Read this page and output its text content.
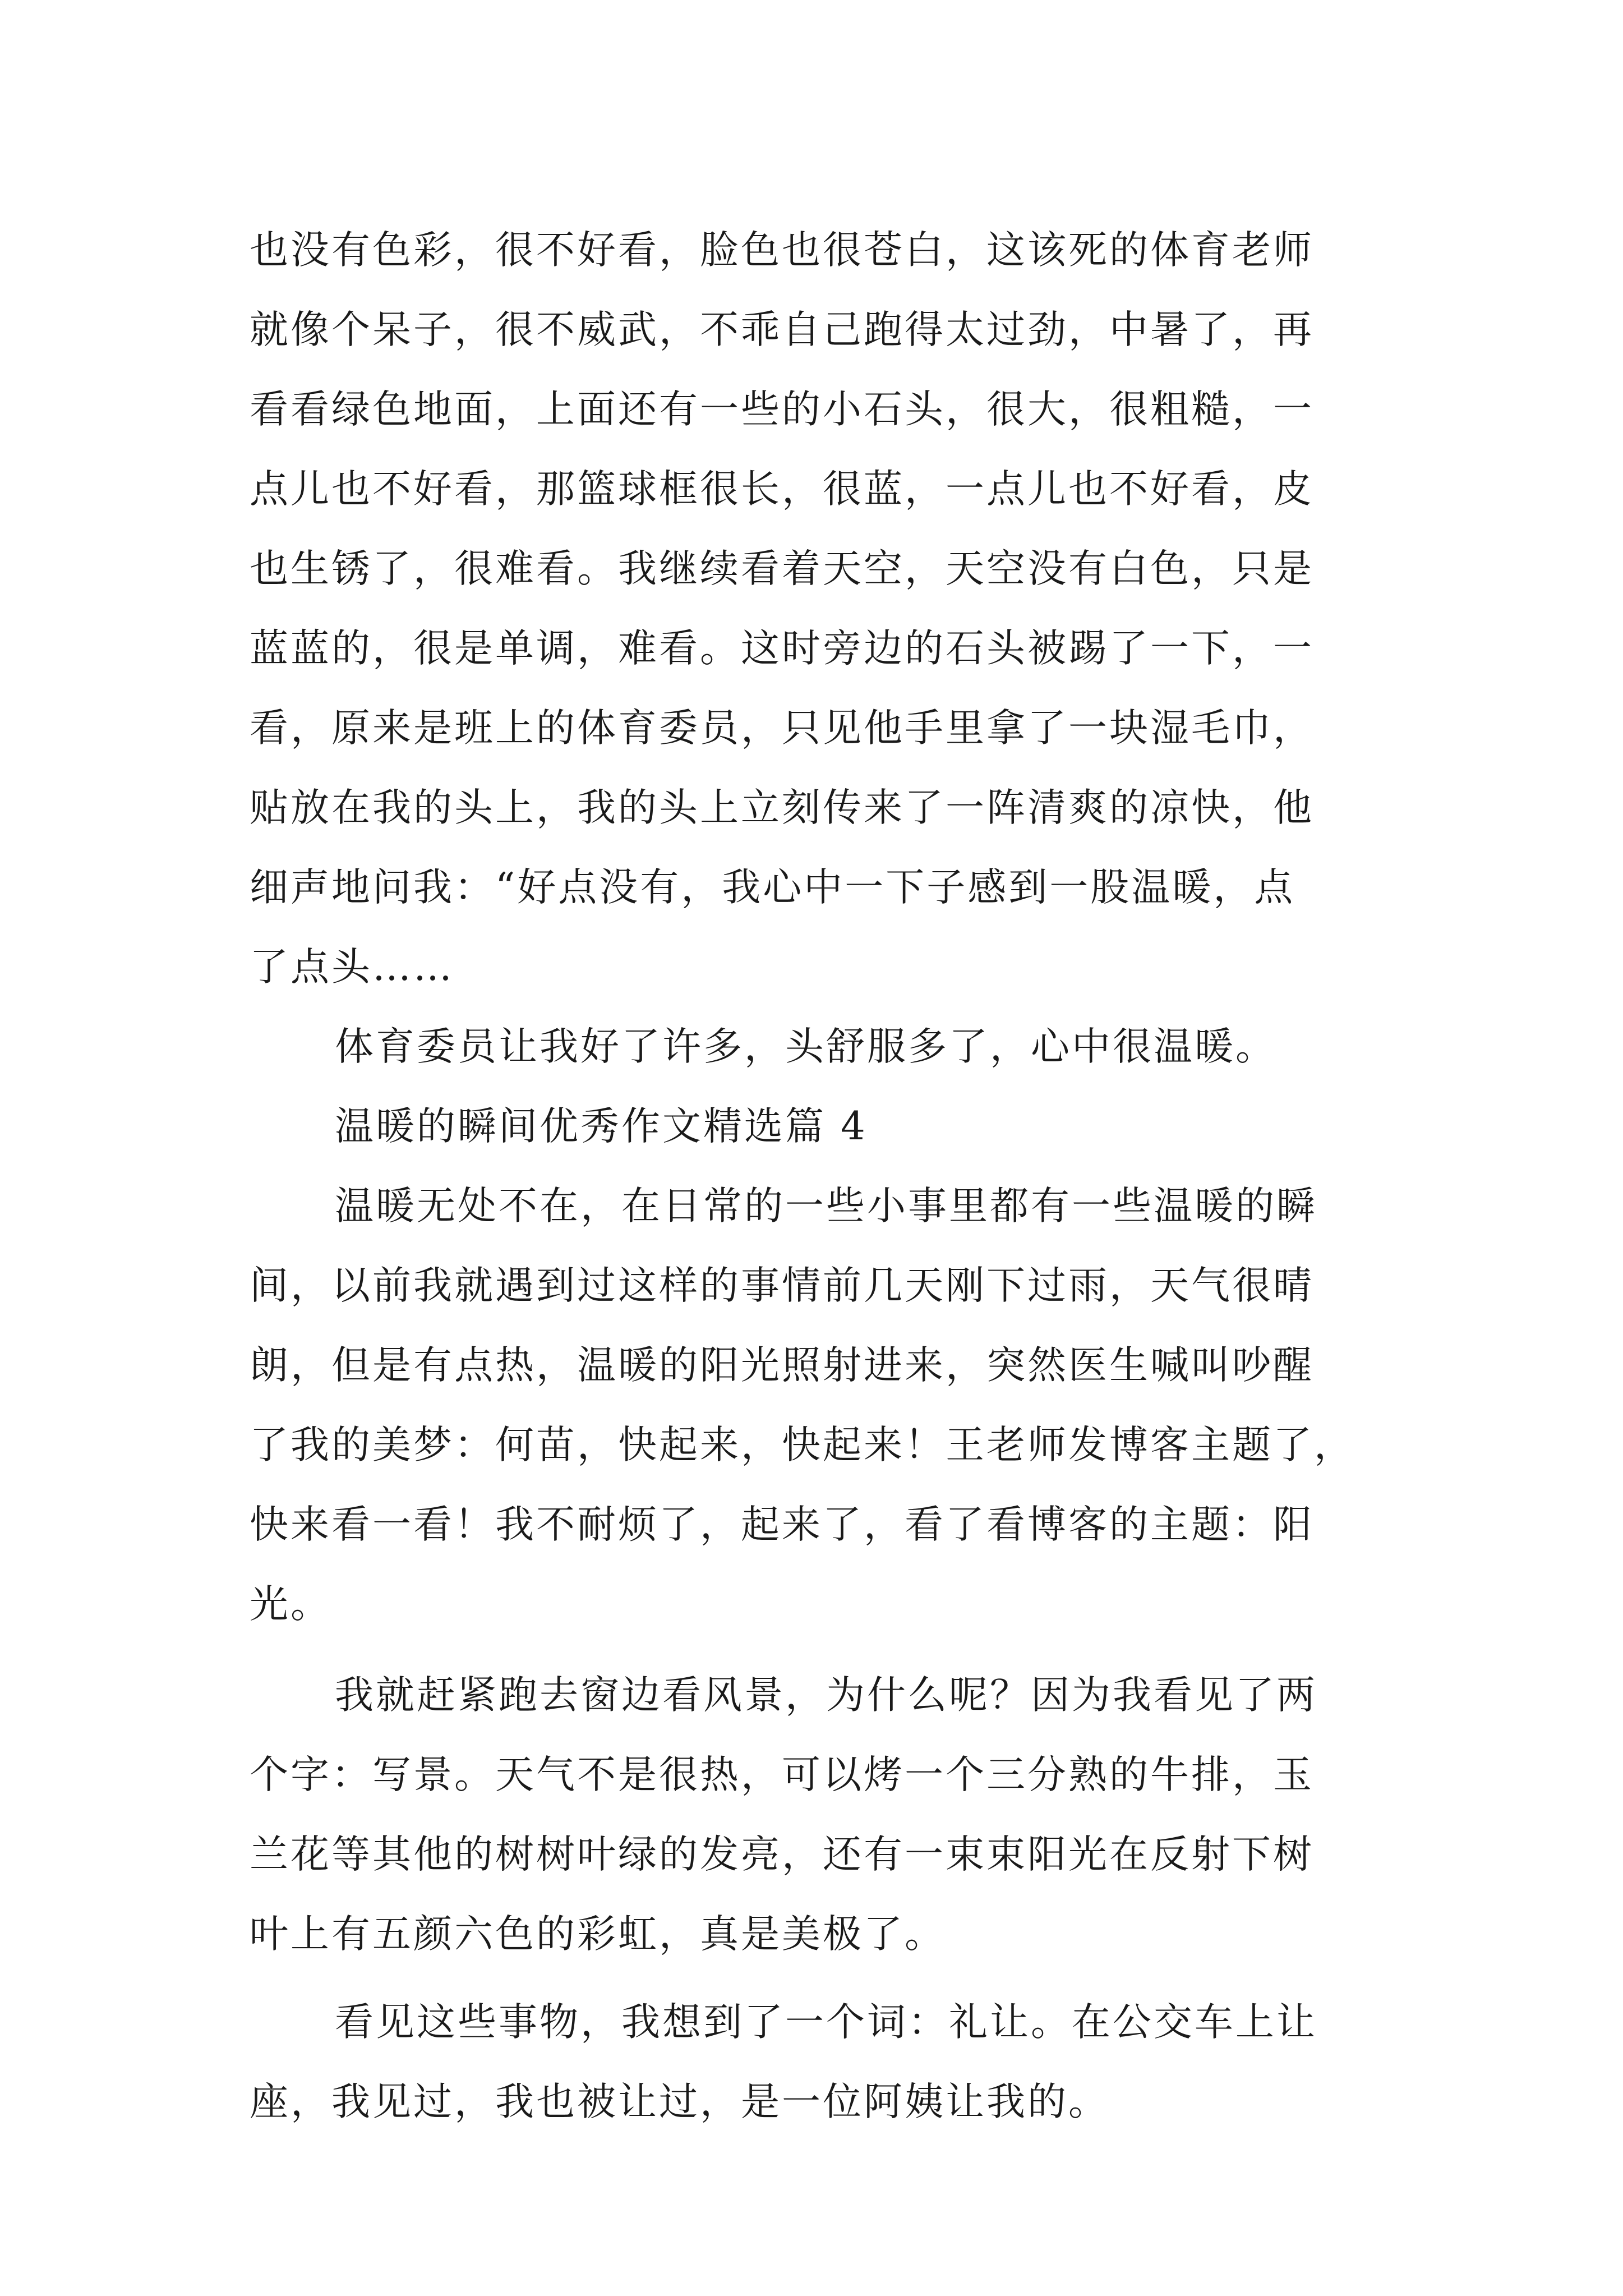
也没有色彩，很不好看，脸色也很苍白，这该死的体育老师
就像个呆子，很不威武，不乖自己跑得太过劲，中暑了，再
看看绿色地面，上面还有一些的小石头，很大，很粗糙，一
点儿也不好看，那篮球框很长，很蓝，一点儿也不好看，皮
也生锈了，很难看。我继续看着天空，天空没有白色，只是
蓝蓝的，很是单调，难看。这时旁边的石头被踢了一下，一
看，原来是班上的体育委员，只见他手里拿了一块湿毛巾，
贴放在我的头上，我的头上立刻传来了一阵清爽的凉快，他
细声地问我：“好点没有，我心中一下子感到一股温暖，点
了点头……
体育委员让我好了许多，头舒服多了，心中很温暖。
温暖的瞬间优秀作文精选篇 4
温暖无处不在，在日常的一些小事里都有一些温暖的瞬
间，以前我就遇到过这样的事情前几天刚下过雨，天气很晴
朗，但是有点热，温暖的阳光照射进来，突然医生喊叫吵醒
了我的美梦：何苗，快起来，快起来！王老师发博客主题了，
快来看一看！我不耐烦了，起来了，看了看博客的主题：阳
光。
我就赶紧跑去窗边看风景，为什么呢？因为我看见了两
个字：写景。天气不是很热，可以烤一个三分熟的牛排，玉
兰花等其他的树树叶绿的发亮，还有一束束阳光在反射下树
叶上有五颜六色的彩虹，真是美极了。
看见这些事物，我想到了一个词：礼让。在公交车上让
座，我见过，我也被让过，是一位阿姨让我的。
